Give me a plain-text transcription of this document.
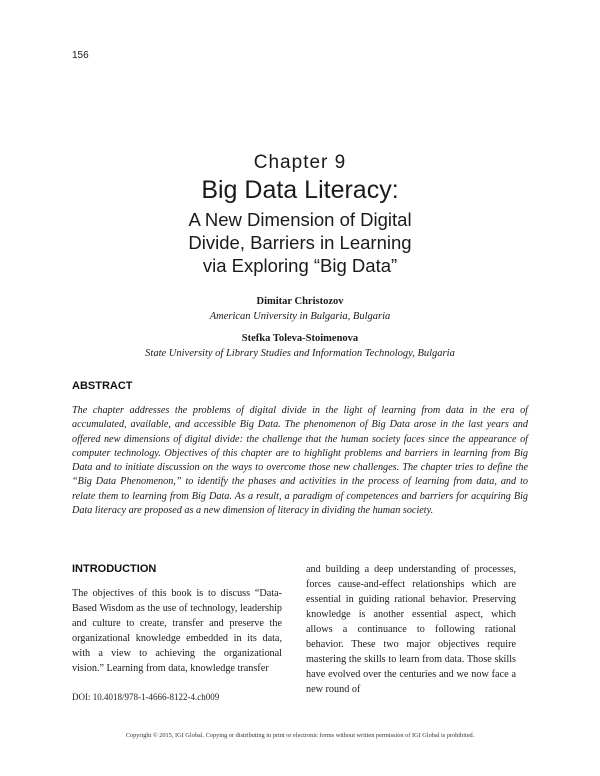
156
Chapter 9
Big Data Literacy:
A New Dimension of Digital
Divide, Barriers in Learning
via Exploring “Big Data”
Dimitar Christozov
American University in Bulgaria, Bulgaria
Stefka Toleva-Stoimenova
State University of Library Studies and Information Technology, Bulgaria
ABSTRACT
The chapter addresses the problems of digital divide in the light of learning from data in the era of accumulated, available, and accessible Big Data. The phenomenon of Big Data arose in the last years and offered new dimensions of digital divide: the challenge that the human society faces since the appearance of computer technology. Objectives of this chapter are to highlight problems and barriers in learning from Big Data and to initiate discussion on the ways to overcome those new challenges. The chapter tries to define the “Big Data Phenomenon,” to identify the phases and activities in the process of learning from data, and to relate them to learning from Big Data. As a result, a paradigm of competences and barriers for acquiring Big Data literacy are proposed as a new dimension of literacy in dividing the human society.
INTRODUCTION
The objectives of this book is to discuss “Data-Based Wisdom as the use of technology, leadership and culture to create, transfer and preserve the organizational knowledge embedded in its data, with a view to achieving the organizational vision.” Learning from data, knowledge transfer
and building a deep understanding of processes, forces cause-and-effect relationships which are essential in guiding rational behavior. Preserving knowledge is another essential aspect, which allows a continuance to following rational behavior. These two major objectives require mastering the skills to learn from data. Those skills have evolved over the centuries and we now face a new round of
DOI: 10.4018/978-1-4666-8122-4.ch009
Copyright © 2015, IGI Global. Copying or distributing in print or electronic forms without written permission of IGI Global is prohibited.
